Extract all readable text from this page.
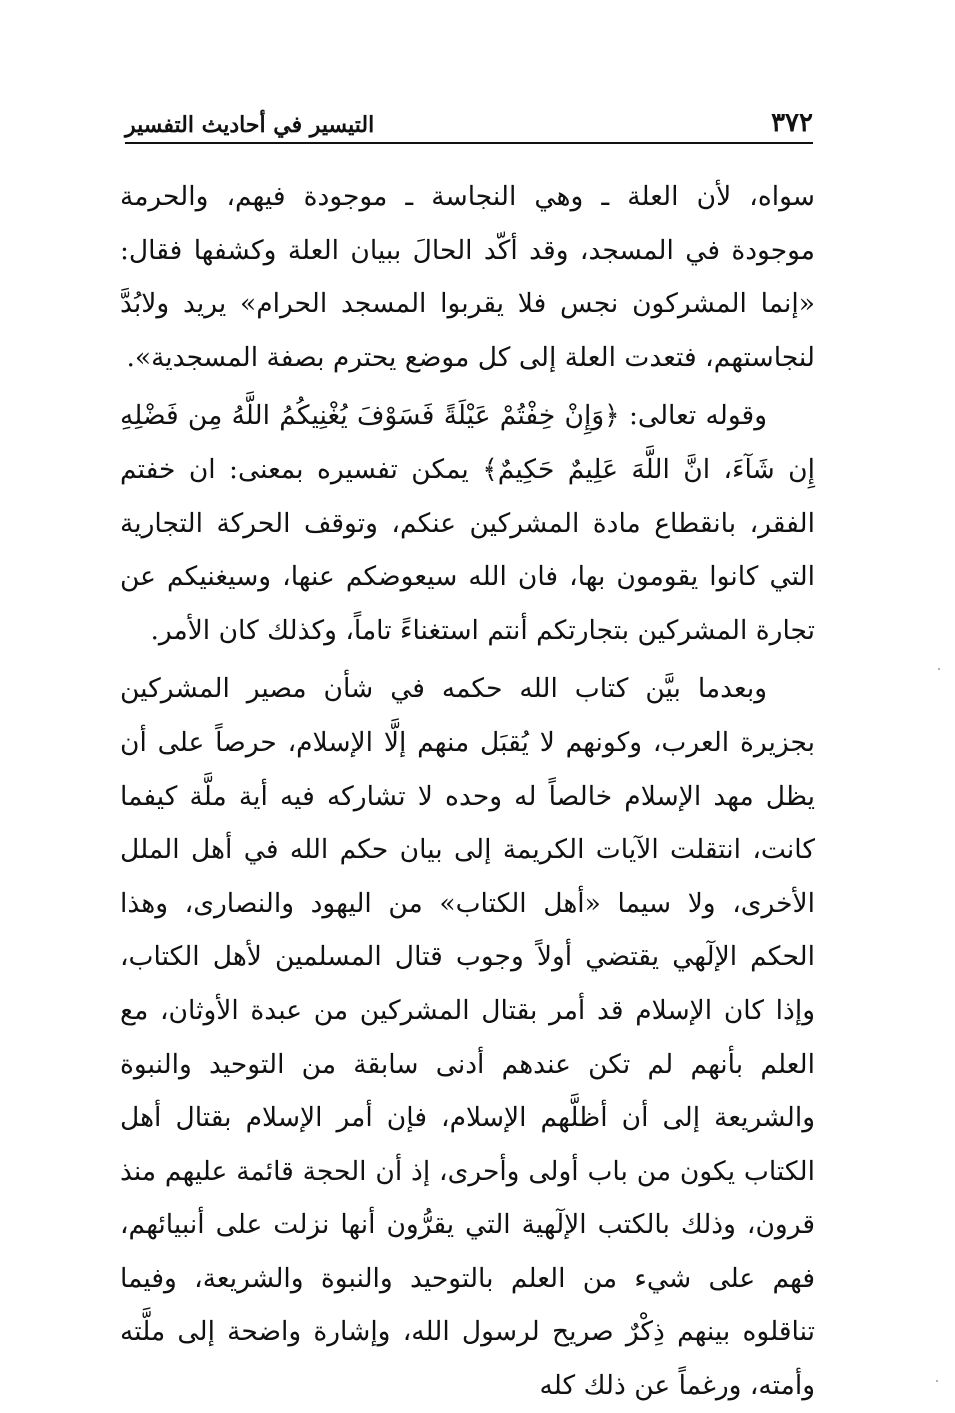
٣٧٢
التيسير في أحاديث التفسير

سواه، لأن العلة ـ وهي النجاسة ـ موجودة فيهم، والحرمة موجودة في المسجد، وقد أكّد الحالَ ببيان العلة وكشفها فقال: «إنما المشركون نجس فلا يقربوا المسجد الحرام» يريد ولابُدَّ لنجاستهم، فتعدت العلة إلى كل موضع يحترم بصفة المسجدية».

وقوله تعالى: ﴿وَإِنْ خِفْتُمْ عَيْلَةً فَسَوْفَ يُغْنِيكُمُ اللَّهُ مِن فَضْلِهِ إِن شَآءَ، انَّ اللَّهَ عَلِيمٌ حَكِيمٌ﴾ يمكن تفسيره بمعنى: ان خفتم الفقر، بانقطاع مادة المشركين عنكم، وتوقف الحركة التجارية التي كانوا يقومون بها، فان الله سيعوضكم عنها، وسيغنيكم عن تجارة المشركين بتجارتكم أنتم استغناءً تاماً، وكذلك كان الأمر.

وبعدما بيَّن كتاب الله حكمه في شأن مصير المشركين بجزيرة العرب، وكونهم لا يُقبَل منهم إلَّا الإسلام، حرصاً على أن يظل مهد الإسلام خالصاً له وحده لا تشاركه فيه أية ملَّة كيفما كانت، انتقلت الآيات الكريمة إلى بيان حكم الله في أهل الملل الأخرى، ولا سيما «أهل الكتاب» من اليهود والنصارى، وهذا الحكم الإلٓهي يقتضي أولاً وجوب قتال المسلمين لأهل الكتاب، وإذا كان الإسلام قد أمر بقتال المشركين من عبدة الأوثان، مع العلم بأنهم لم تكن عندهم أدنى سابقة من التوحيد والنبوة والشريعة إلى أن أظلَّهم الإسلام، فإن أمر الإسلام بقتال أهل الكتاب يكون من باب أولى وأحرى، إذ أن الحجة قائمة عليهم منذ قرون، وذلك بالكتب الإلٓهية التي يقرُّون أنها نزلت على أنبيائهم، فهم على شيء من العلم بالتوحيد والنبوة والشريعة، وفيما تناقلوه بينهم ذِكْرٌ صريح لرسول الله، وإشارة واضحة إلى ملَّته وأمته، ورغماً عن ذلك كله
